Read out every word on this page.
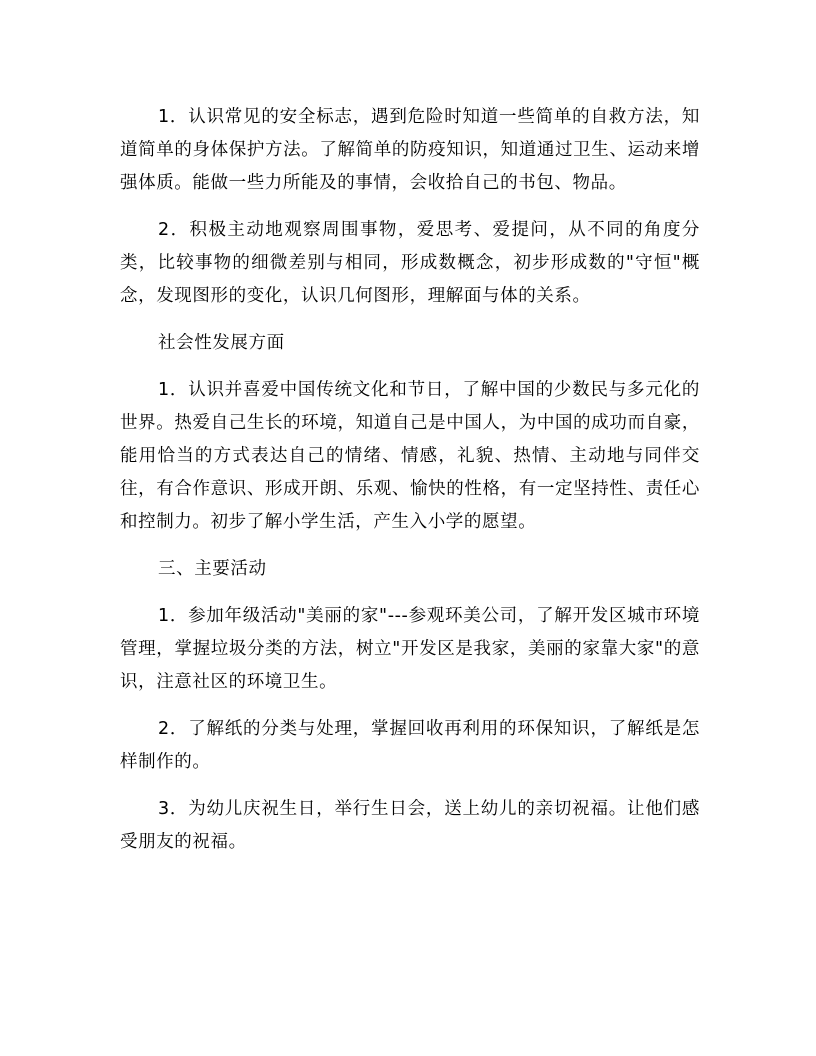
1．认识常见的安全标志，遇到危险时知道一些简单的自救方法，知道简单的身体保护方法。了解简单的防疫知识，知道通过卫生、运动来增强体质。能做一些力所能及的事情，会收拾自己的书包、物品。

2．积极主动地观察周围事物，爱思考、爱提问，从不同的角度分类，比较事物的细微差别与相同，形成数概念，初步形成数的"守恒"概念，发现图形的变化，认识几何图形，理解面与体的关系。

社会性发展方面

1．认识并喜爱中国传统文化和节日，了解中国的少数民与多元化的世界。热爱自己生长的环境，知道自己是中国人，为中国的成功而自豪，能用恰当的方式表达自己的情绪、情感，礼貌、热情、主动地与同伴交往，有合作意识、形成开朗、乐观、愉快的性格，有一定坚持性、责任心和控制力。初步了解小学生活，产生入小学的愿望。

三、主要活动

1．参加年级活动"美丽的家"---参观环美公司，了解开发区城市环境管理，掌握垃圾分类的方法，树立"开发区是我家，美丽的家靠大家"的意识，注意社区的环境卫生。

2．了解纸的分类与处理，掌握回收再利用的环保知识，了解纸是怎样制作的。

3．为幼儿庆祝生日，举行生日会，送上幼儿的亲切祝福。让他们感受朋友的祝福。
